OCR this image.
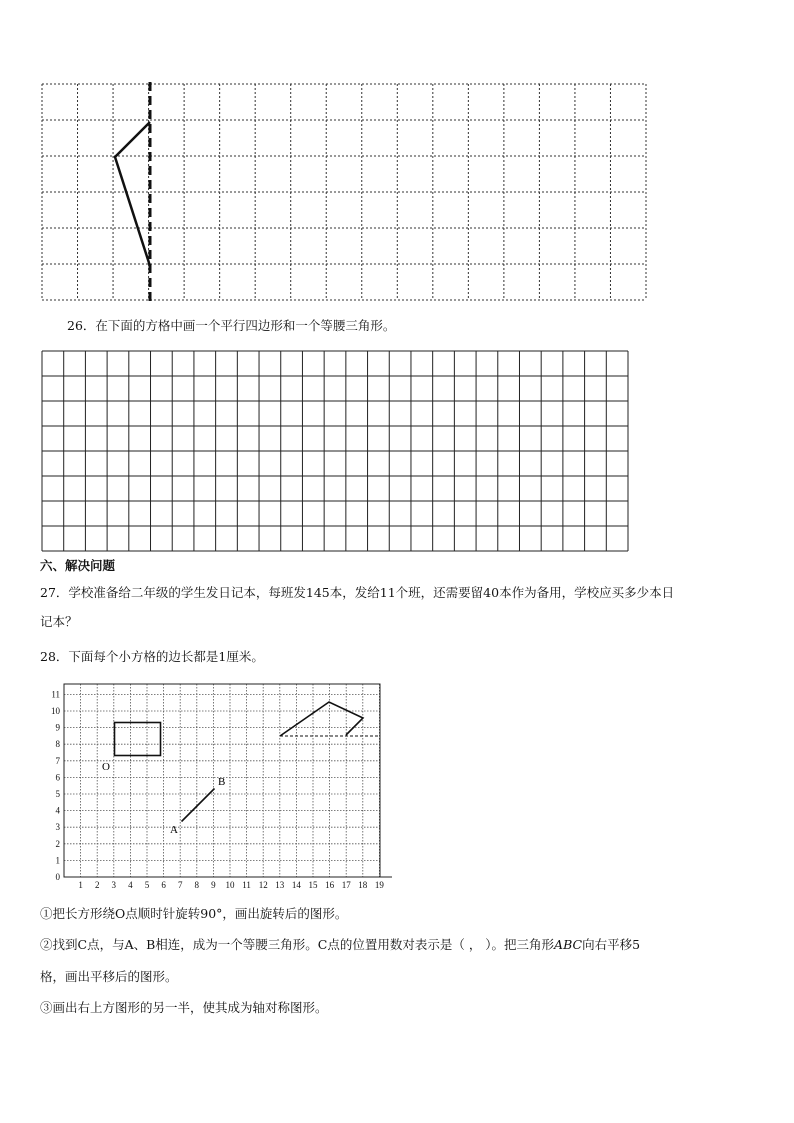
26．在下面的方格中画一个平行四边形和一个等腰三角形。
六、解决问题
27．学校准备给二年级的学生发日记本，每班发145本，发给11个班，还需要留40本作为备用，学校应买多少本日
记本？
28．下面每个小方格的边长都是1厘米。
0
1
2
3
4
5
6
7
8
9
10
11
1 2 3 4 5 6 7 8 9 10 11 12 13 14 15 16 17 18 19
O
A
B
①把长方形绕O点顺时针旋转90°，画出旋转后的图形。
②找到C点，与A、B相连，成为一个等腰三角形。C点的位置用数对表示是（ ， ）。把三角形ABC向右平移5
格，画出平移后的图形。
③画出右上方图形的另一半，使其成为轴对称图形。
